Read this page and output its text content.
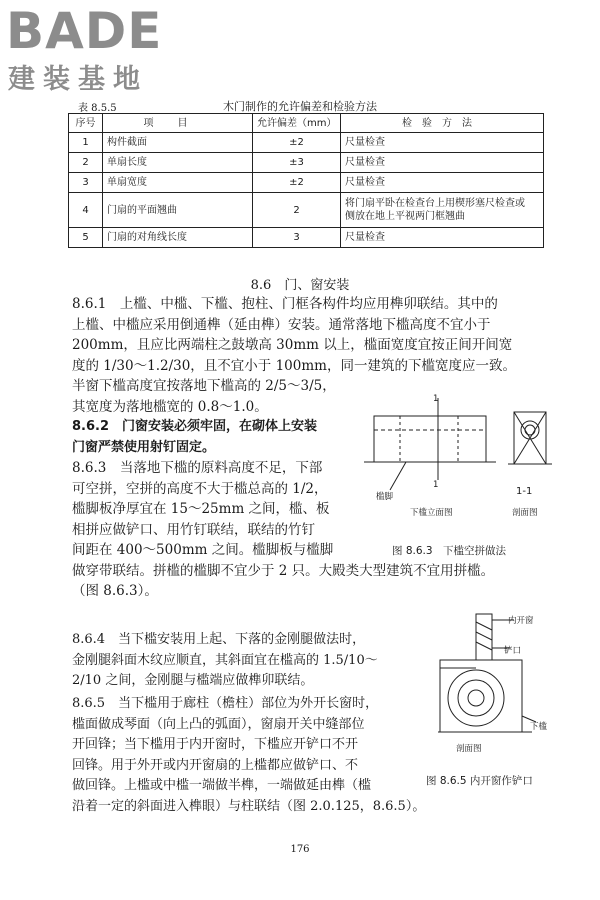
BADE
建装基地
表 8.5.5	木门制作的允许偏差和检验方法
序号	项目	允许偏差（mm）	检验方法
1	构件截面	±2	尺量检查
2	单扇长度	±3	尺量检查
3	单扇宽度	±2	尺量检查
4	门扇的平面翘曲	2	将门扇平卧在检查台上用楔形塞尺检查或
侧放在地上平视两门框翘曲

5	门扇的对角线长度	3	尺量检查
8.6　门、窗安装
8.6.1　上槛、中槛、下槛、抱柱、门框各构件均应用榫卯联结。其中的
上槛、中槛应采用倒通榫（延由榫）安装。通常落地下槛高度不宜小于
200mm，且应比两端柱之鼓墩高 30mm 以上，槛面宽度宜按正间开间宽
度的 1/30～1.2/30，且不宜小于 100mm，同一建筑的下槛宽度应一致。
半窗下槛高度宜按落地下槛高的 2/5～3/5，
其宽度为落地槛宽的 0.8～1.0。
8.6.2　门窗安装必须牢固，在砌体上安装
门窗严禁使用射钉固定。
8.6.3　当落地下槛的原料高度不足，下部
可空拼，空拼的高度不大于槛总高的 1/2，
槛脚板净厚宜在 15～25mm 之间，槛、板
相拼应做铲口、用竹钉联结，联结的竹钉
间距在 400～500mm 之间。槛脚板与槛脚
做穿带联结。拼槛的槛脚不宜少于 2 只。大殿类大型建筑不宜用拼槛。
（图 8.6.3）。
8.6.4　当下槛安装用上起、下落的金刚腿做法时，
金刚腿斜面木纹应顺直，其斜面宜在槛高的 1.5/10～
2/10 之间，金刚腿与槛端应做榫卯联结。
8.6.5　当下槛用于廊柱（檐柱）部位为外开长窗时，
槛面做成琴面（向上凸的弧面），窗扇开关中缝部位
开回锋；当下槛用于内开窗时，下槛应开铲口不开
回锋。用于外开或内开窗扇的上槛都应做铲口、不
做回锋。上槛或中槛一端做半榫，一端做延由榫（槛
沿着一定的斜面进入榫眼）与柱联结（图 2.0.125，8.6.5）。
1
1
槛脚
下槛立面图
1-1
剖面图
图 8.6.3　下槛空拼做法
内开窗
铲口
下槛
剖面图
图 8.6.5 内开窗作铲口
176
